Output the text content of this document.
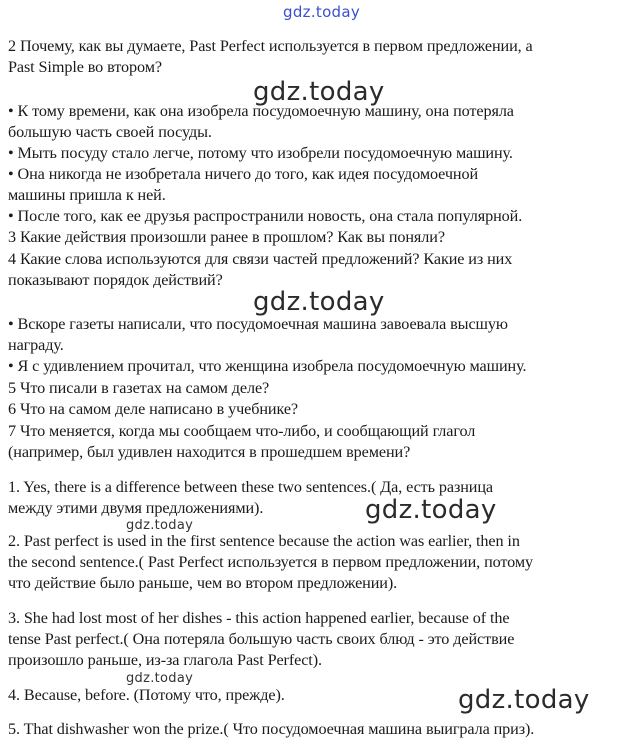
gdz.today
2 Почему, как вы думаете, Past Perfect используется в первом предложении, а
Past Simple во втором?
gdz.today
• К тому времени, как она изобрела посудомоечную машину, она потеряла
большую часть своей посуды.
• Мыть посуду стало легче, потому что изобрели посудомоечную машину.
• Она никогда не изобретала ничего до того, как идея посудомоечной
машины пришла к ней.
• После того, как ее друзья распространили новость, она стала популярной.
3 Какие действия произошли ранее в прошлом? Как вы поняли?
4 Какие слова используются для связи частей предложений? Какие из них
показывают порядок действий?
gdz.today
• Вскоре газеты написали, что посудомоечная машина завоевала высшую
награду.
• Я с удивлением прочитал, что женщина изобрела посудомоечную машину.
5 Что писали в газетах на самом деле?
6 Что на самом деле написано в учебнике?
7 Что меняется, когда мы сообщаем что-либо, и сообщающий глагол
(например, был удивлен находится в прошедшем времени?
1. Yes, there is a difference between these two sentences.( Да, есть разница
между этими двумя предложениями).	gdz.today
gdz.today
2. Past perfect is used in the first sentence because the action was earlier, then in
the second sentence.( Past Perfect используется в первом предложении, потому
что действие было раньше, чем во втором предложении).
3. She had lost most of her dishes - this action happened earlier, because of the
tense Past perfect.( Она потеряла большую часть своих блюд - это действие
произошло раньше, из-за глагола Past Perfect).
gdz.today
4. Because, before. (Потому что, прежде).	gdz.today
5. That dishwasher won the prize.( Что посудомоечная машина выиграла приз).
